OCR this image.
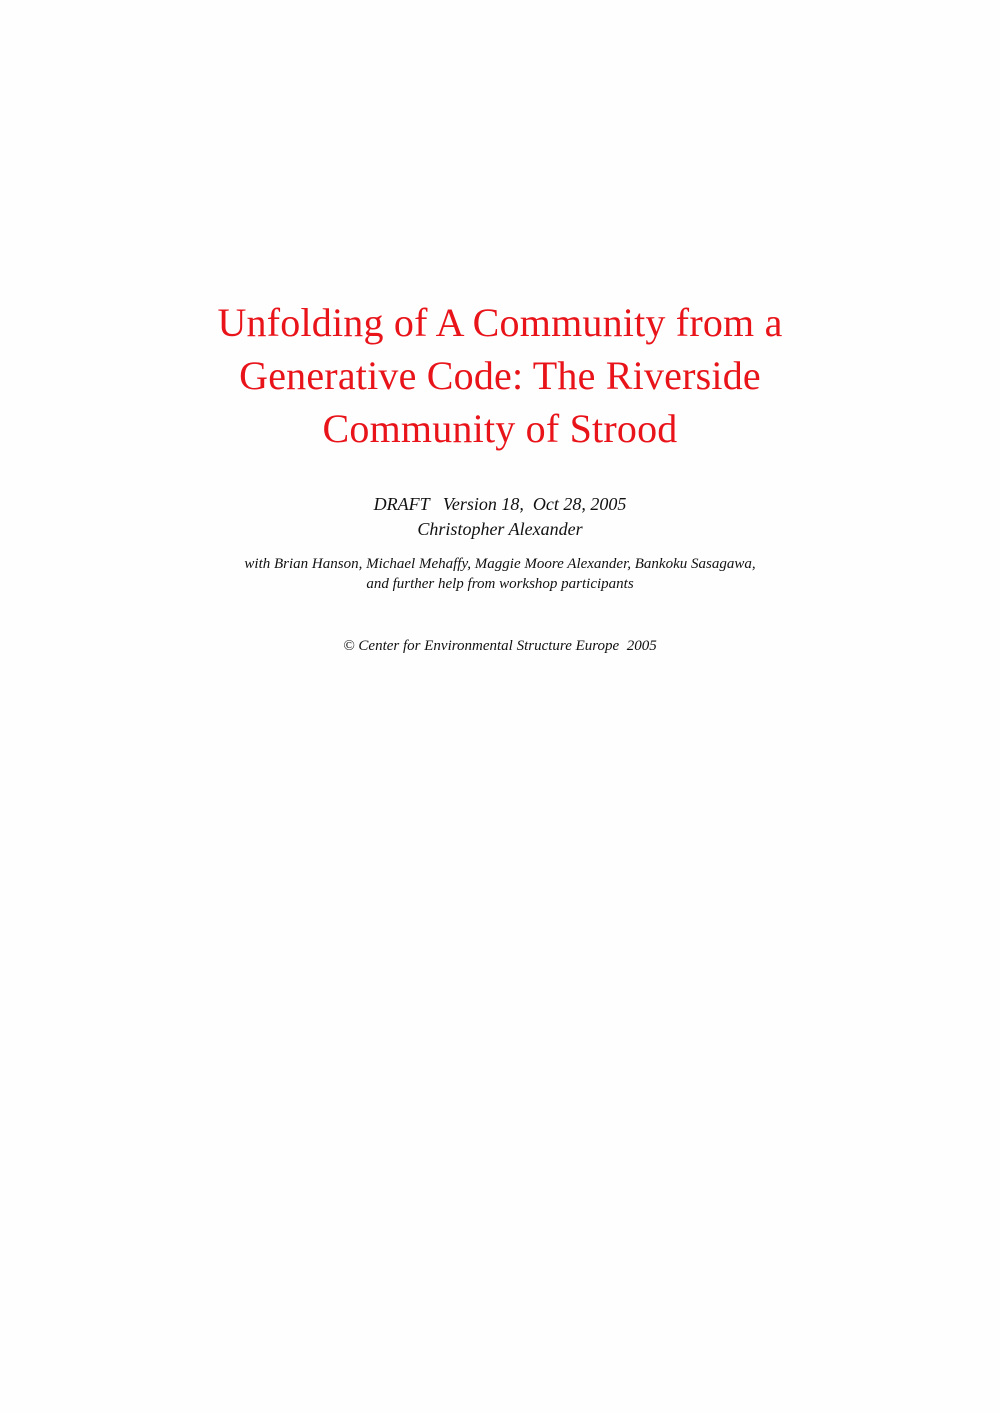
Unfolding of A Community from a
Generative Code: The Riverside
Community of Strood
DRAFT   Version 18,  Oct 28, 2005
Christopher Alexander
with Brian Hanson, Michael Mehaffy, Maggie Moore Alexander, Bankoku Sasagawa,
and further help from workshop participants
© Center for Environmental Structure Europe  2005
